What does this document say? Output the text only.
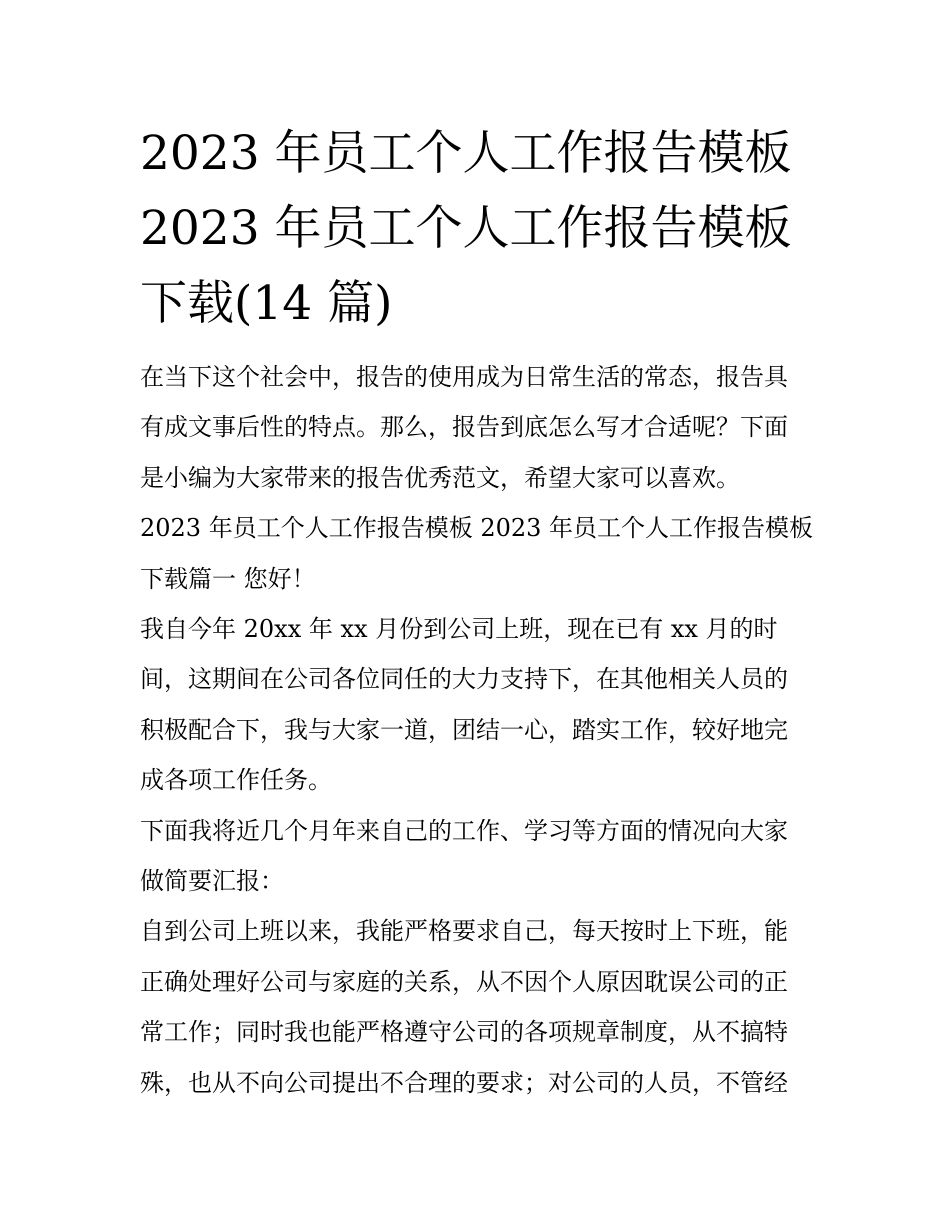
2023 年员工个人工作报告模板
2023 年员工个人工作报告模板
下载(14 篇)
在当下这个社会中，报告的使用成为日常生活的常态，报告具
有成文事后性的特点。那么，报告到底怎么写才合适呢？下面
是小编为大家带来的报告优秀范文，希望大家可以喜欢。
2023 年员工个人工作报告模板 2023 年员工个人工作报告模板
下载篇一 您好！
我自今年 20xx 年 xx 月份到公司上班，现在已有 xx 月的时
间，这期间在公司各位同任的大力支持下，在其他相关人员的
积极配合下，我与大家一道，团结一心，踏实工作，较好地完
成各项工作任务。
下面我将近几个月年来自己的工作、学习等方面的情况向大家
做简要汇报：
自到公司上班以来，我能严格要求自己，每天按时上下班，能
正确处理好公司与家庭的关系，从不因个人原因耽误公司的正
常工作；同时我也能严格遵守公司的各项规章制度，从不搞特
殊，也从不向公司提出不合理的要求；对公司的人员，不管经
